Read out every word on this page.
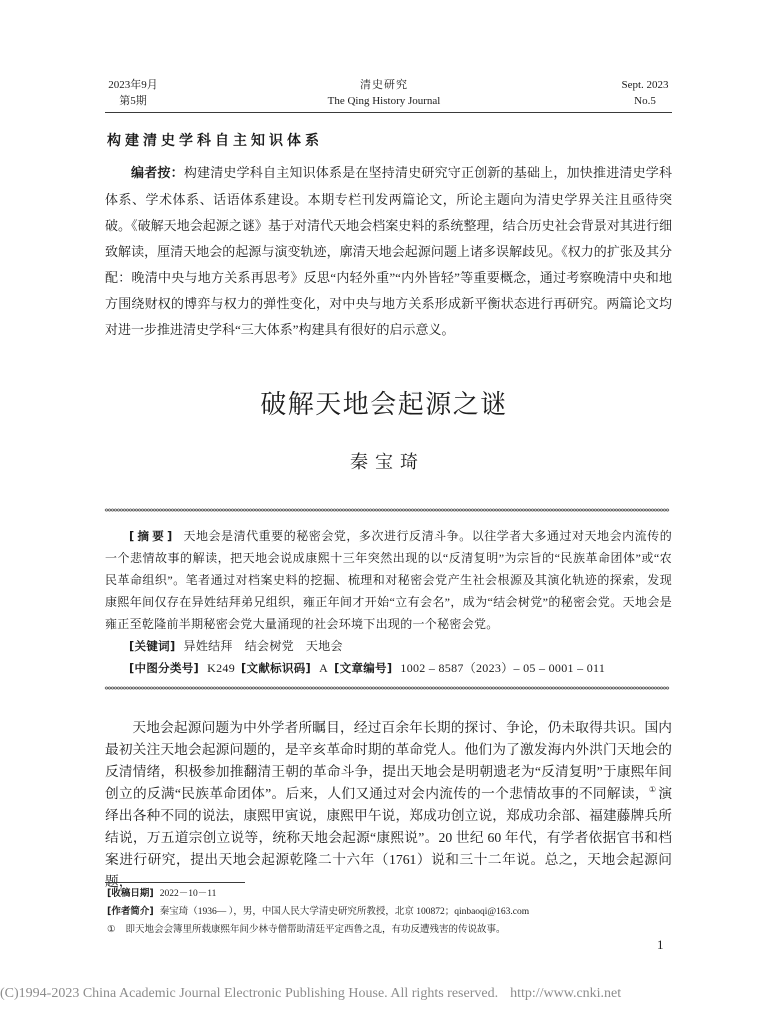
2023年9月
第5期
清史研究
The Qing History Journal
Sept. 2023
No.5
构建清史学科自主知识体系

编者按：构建清史学科自主知识体系是在坚持清史研究守正创新的基础上，加快推进清史学科体系、学术体系、话语体系建设。本期专栏刊发两篇论文，所论主题向为清史学界关注且亟待突破。《破解天地会起源之谜》基于对清代天地会档案史料的系统整理，结合历史社会背景对其进行细致解读，厘清天地会的起源与演变轨迹，廓清天地会起源问题上诸多误解歧见。《权力的扩张及其分配：晚清中央与地方关系再思考》反思“内轻外重”“内外皆轻”等重要概念，通过考察晚清中央和地方围绕财权的博弈与权力的弹性变化，对中央与地方关系形成新平衡状态进行再研究。两篇论文均对进一步推进清史学科“三大体系”构建具有很好的启示意义。

破解天地会起源之谜
秦宝琦

[摘要] 天地会是清代重要的秘密会党，多次进行反清斗争。以往学者大多通过对天地会内流传的一个悲情故事的解读，把天地会说成康熙十三年突然出现的以“反清复明”为宗旨的“民族革命团体”或“农民革命组织”。笔者通过对档案史料的挖掘、梳理和对秘密会党产生社会根源及其演化轨迹的探索，发现康熙年间仅存在异姓结拜弟兄组织，雍正年间才开始“立有会名”，成为“结会树党”的秘密会党。天地会是雍正至乾隆前半期秘密会党大量涌现的社会环境下出现的一个秘密会党。

[关键词] 异姓结拜 结会树党 天地会

[中图分类号] K249 [文献标识码] A [文章编号] 1002 – 8587（2023）– 05 – 0001 – 011

天地会起源问题为中外学者所瞩目，经过百余年长期的探讨、争论，仍未取得共识。国内最初关注天地会起源问题的，是辛亥革命时期的革命党人。他们为了激发海内外洪门天地会的反清情绪，积极参加推翻清王朝的革命斗争，提出天地会是明朝遗老为“反清复明”于康熙年间创立的反满“民族革命团体”。后来，人们又通过对会内流传的一个悲情故事的不同解读，① 演绎出各种不同的说法，康熙甲寅说，康熙甲午说，郑成功创立说，郑成功余部、福建藤牌兵所结说，万五道宗创立说等，统称天地会起源“康熙说”。20 世纪 60 年代，有学者依据官书和档案进行研究，提出天地会起源乾隆二十六年（1761）说和三十二年说。总之，天地会起源问题，

[收稿日期] 2022－10－11

[作者简介] 秦宝琦（1936— ），男，中国人民大学清史研究所教授，北京 100872；qinbaoqi@163.com

① 即天地会会簿里所载康熙年间少林寺僧帮助清廷平定西鲁之乱，有功反遭残害的传说故事。

1
(C)1994-2023 China Academic Journal Electronic Publishing House. All rights reserved. http://www.cnki.net
